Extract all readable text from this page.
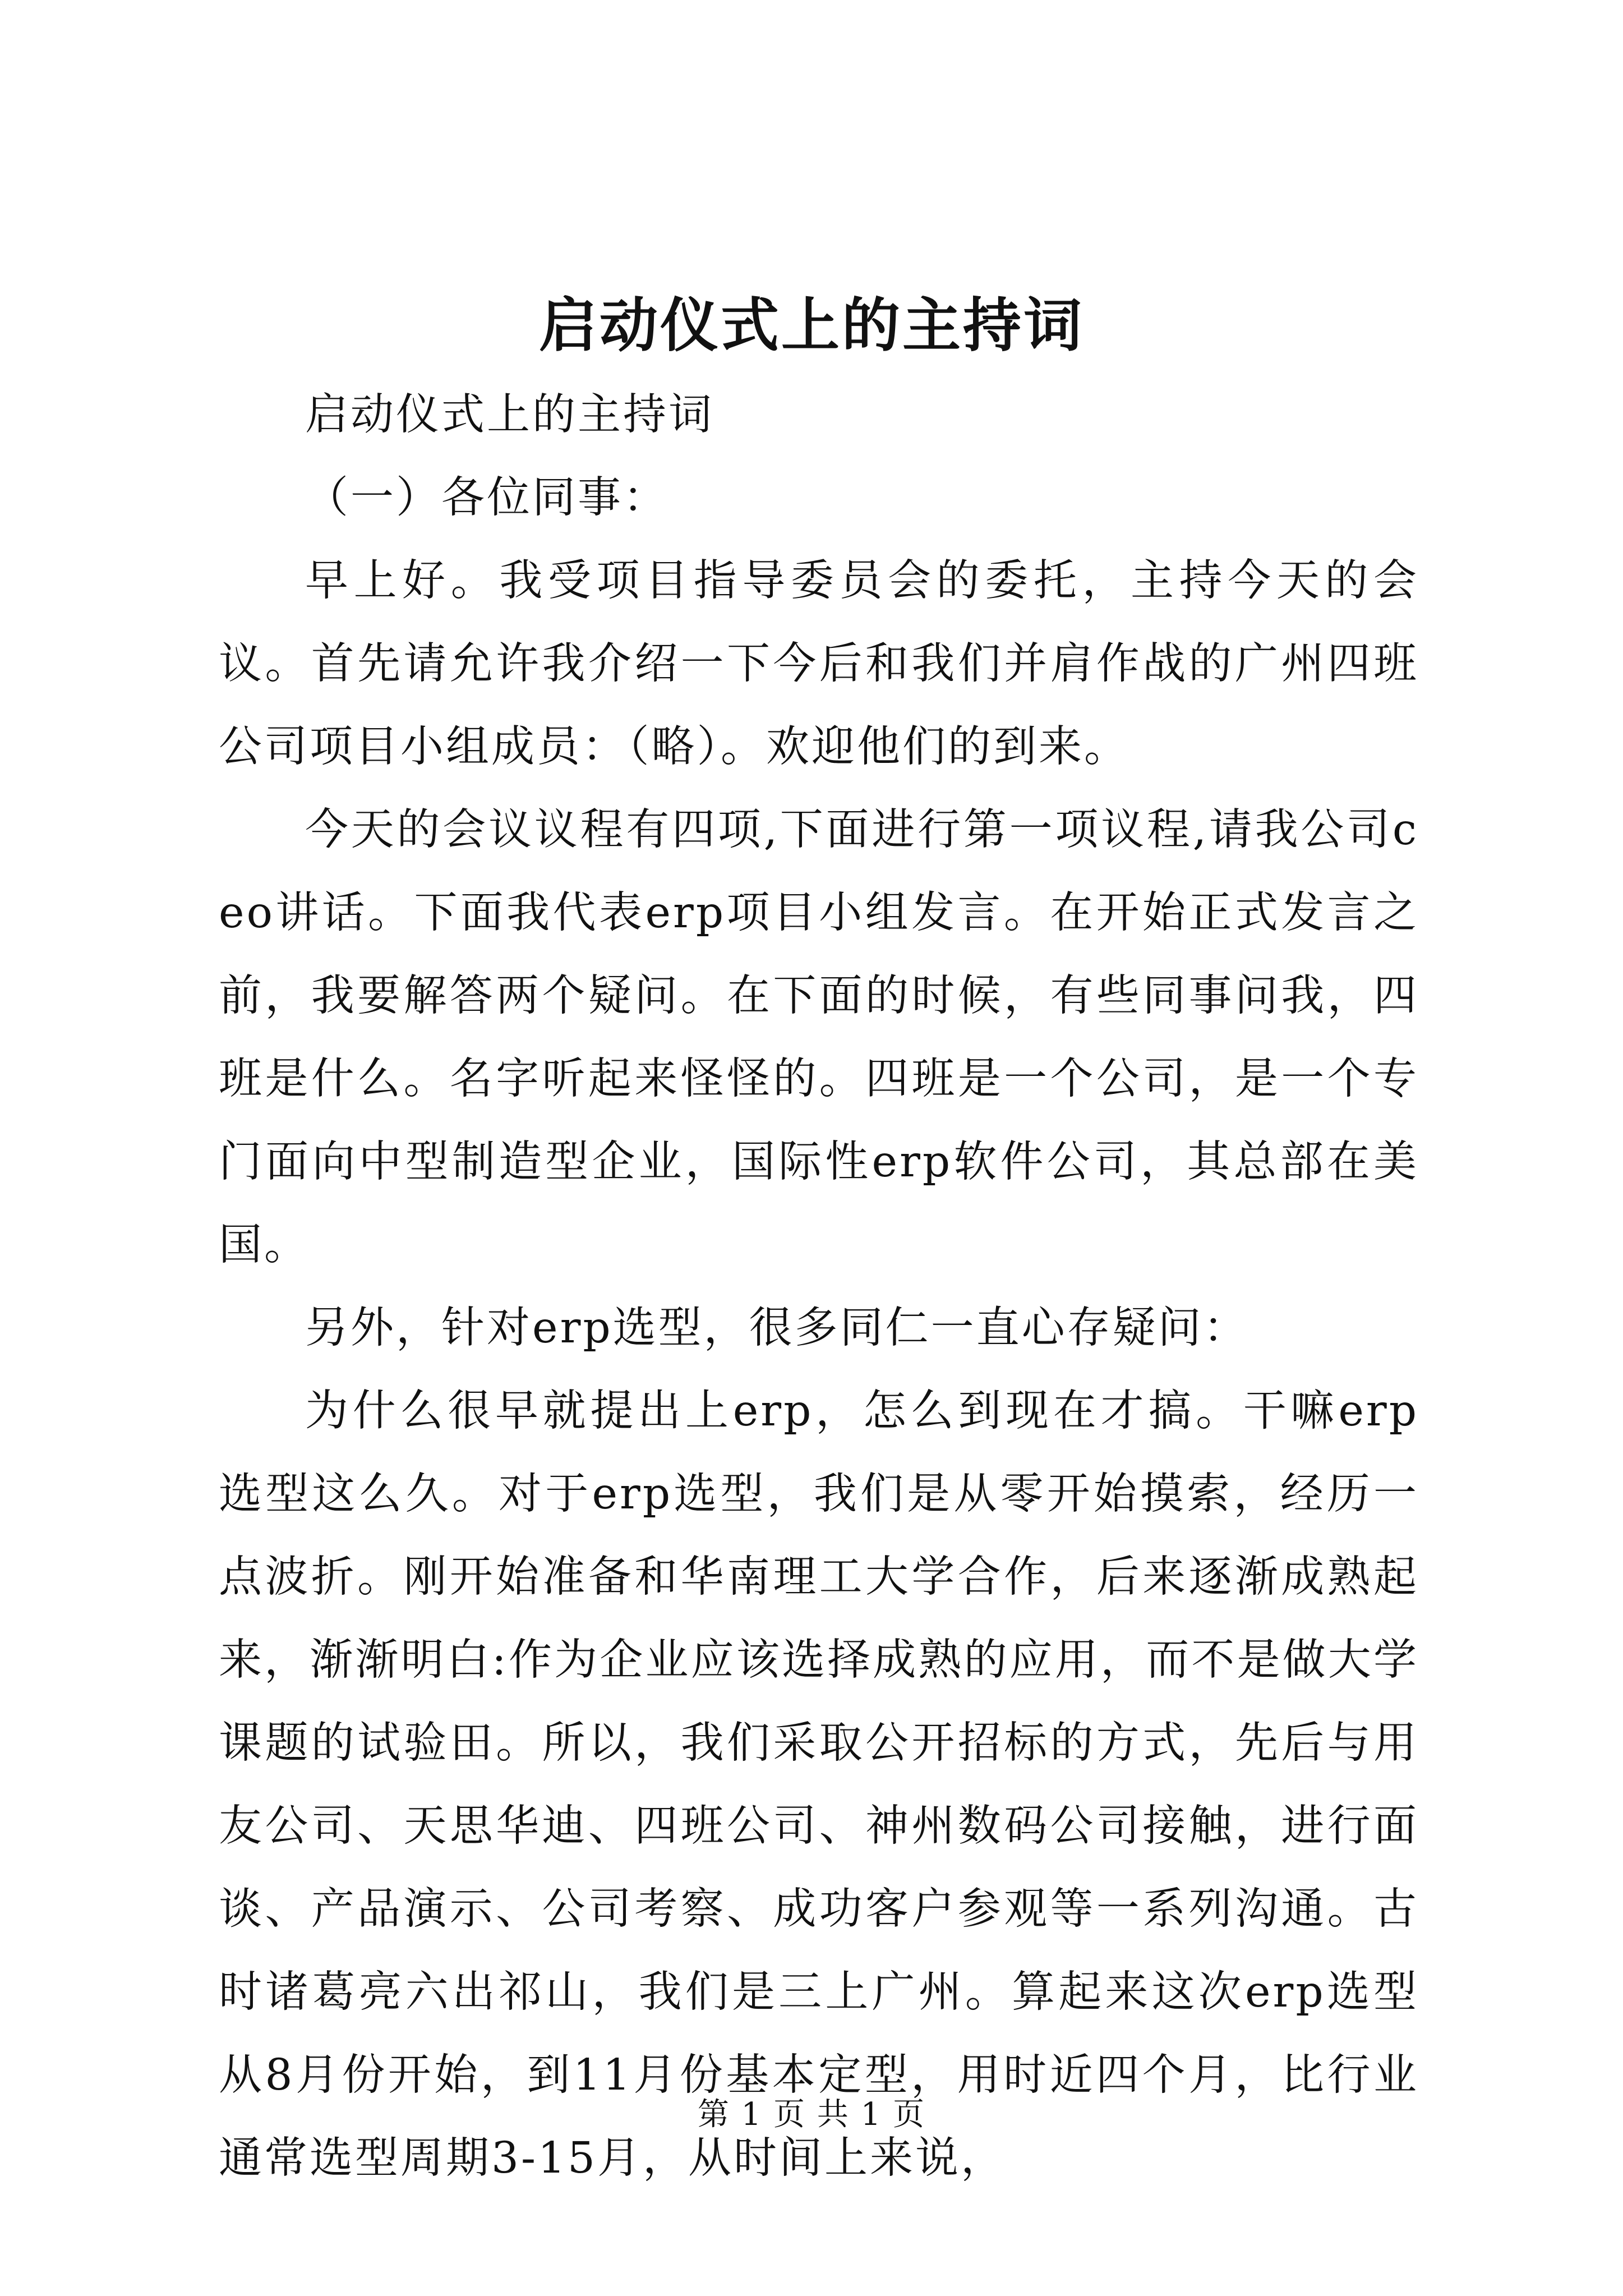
启动仪式上的主持词

启动仪式上的主持词

（一）各位同事：

早上好。我受项目指导委员会的委托，主持今天的会议。首先请允许我介绍一下今后和我们并肩作战的广州四班公司项目小组成员：（略）。欢迎他们的到来。

今天的会议议程有四项,下面进行第一项议程,请我公司ceo讲话。下面我代表erp项目小组发言。在开始正式发言之前，我要解答两个疑问。在下面的时候，有些同事问我，四班是什么。名字听起来怪怪的。四班是一个公司，是一个专门面向中型制造型企业，国际性erp软件公司，其总部在美国。

另外，针对erp选型，很多同仁一直心存疑问：

为什么很早就提出上erp，怎么到现在才搞。干嘛erp选型这么久。对于erp选型，我们是从零开始摸索，经历一点波折。刚开始准备和华南理工大学合作，后来逐渐成熟起来，渐渐明白:作为企业应该选择成熟的应用，而不是做大学课题的试验田。所以，我们采取公开招标的方式，先后与用友公司、天思华迪、四班公司、神州数码公司接触，进行面谈、产品演示、公司考察、成功客户参观等一系列沟通。古时诸葛亮六出祁山，我们是三上广州。算起来这次erp选型从8月份开始，到11月份基本定型，用时近四个月，比行业通常选型周期3-15月，从时间上来说，

第 1 页 共 1 页
